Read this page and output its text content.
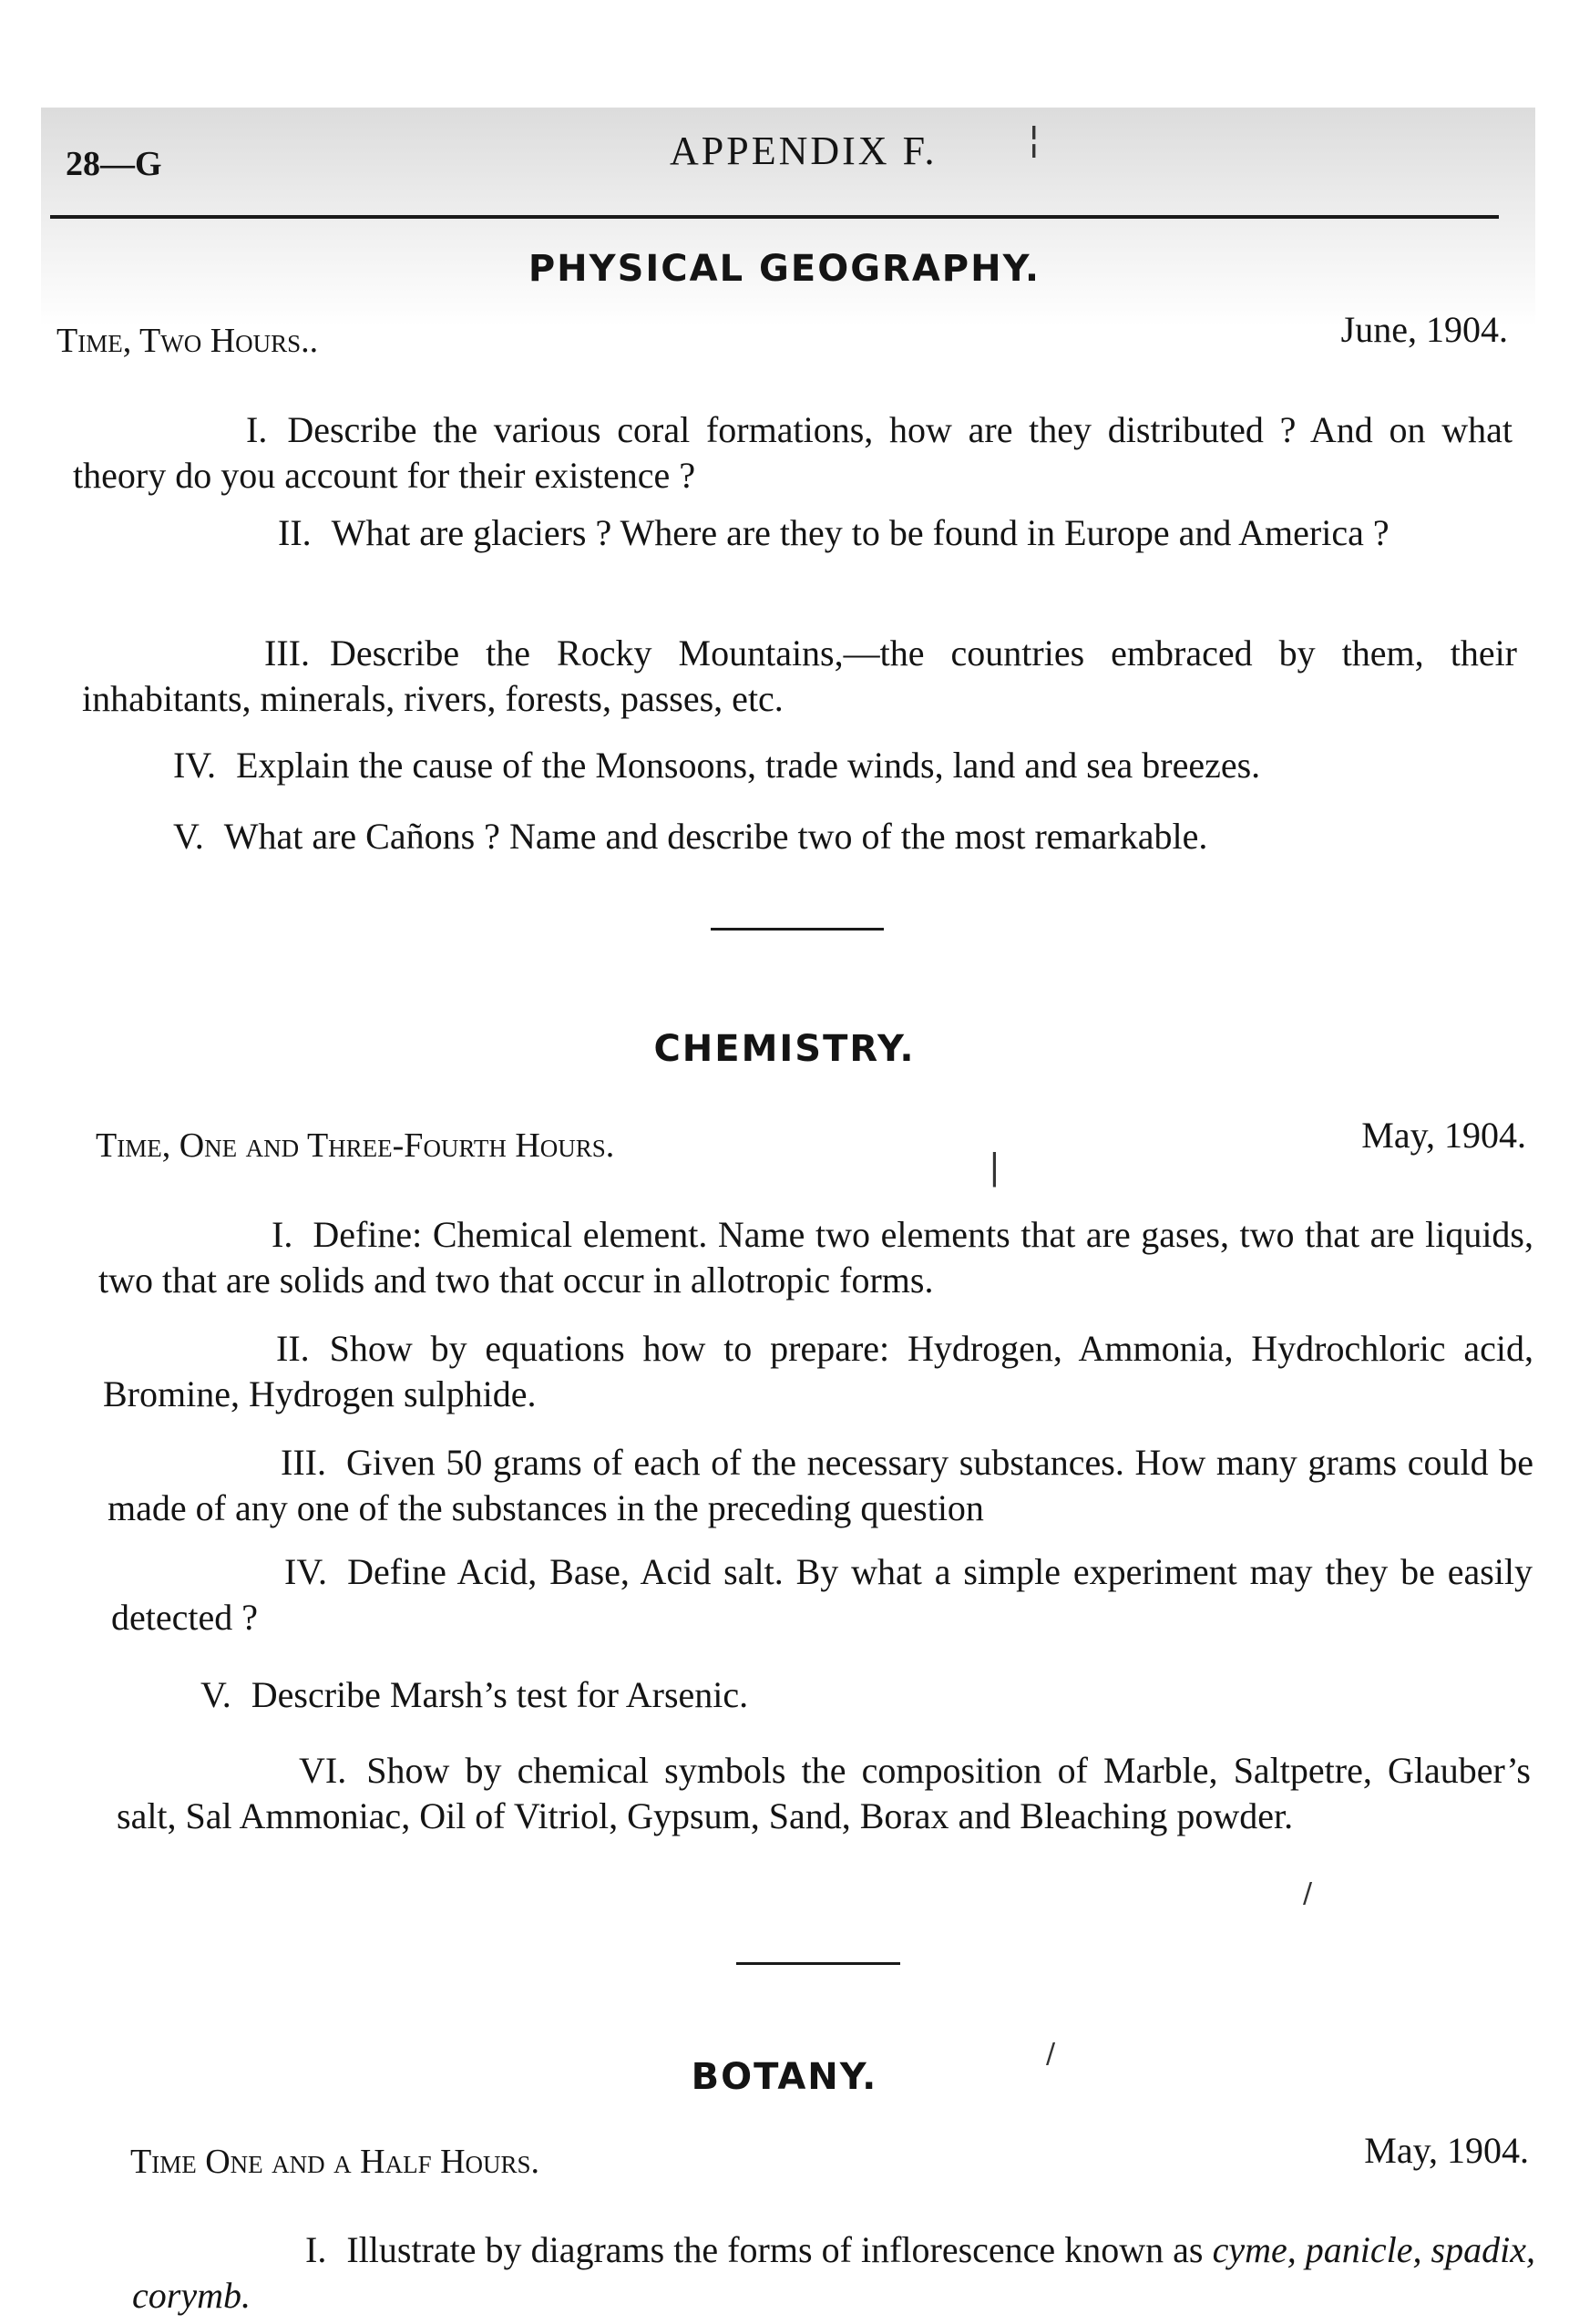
28—G	APPENDIX F.
PHYSICAL GEOGRAPHY.
Time, Two Hours..	June, 1904.
I. Describe the various coral formations, how are they distributed ? And on what theory do you account for their existence ?
II. What are glaciers ? Where are they to be found in Europe and America ?
III. Describe the Rocky Mountains,—the countries embraced by them, their inhabitants, minerals, rivers, forests, passes, etc.
IV. Explain the cause of the Monsoons, trade winds, land and sea breezes.
V. What are Cañons ? Name and describe two of the most remarkable.
CHEMISTRY.
Time, One and Three-Fourth Hours.	May, 1904.
I. Define: Chemical element. Name two elements that are gases, two that are liquids, two that are solids and two that occur in allotropic forms.
II. Show by equations how to prepare: Hydrogen, Ammonia, Hydrochloric acid, Bromine, Hydrogen sulphide.
III. Given 50 grams of each of the necessary substances. How many grams could be made of any one of the substances in the preceding question
IV. Define Acid, Base, Acid salt. By what a simple experiment may they be easily detected ?
V. Describe Marsh’s test for Arsenic.
VI. Show by chemical symbols the composition of Marble, Saltpetre, Glauber’s salt, Sal Ammoniac, Oil of Vitriol, Gypsum, Sand, Borax and Bleaching powder.
BOTANY.
Time One and a Half Hours.	May, 1904.
I. Illustrate by diagrams the forms of inflorescence known as cyme, panicle, spadix, corymb.
¦
|
/
/
